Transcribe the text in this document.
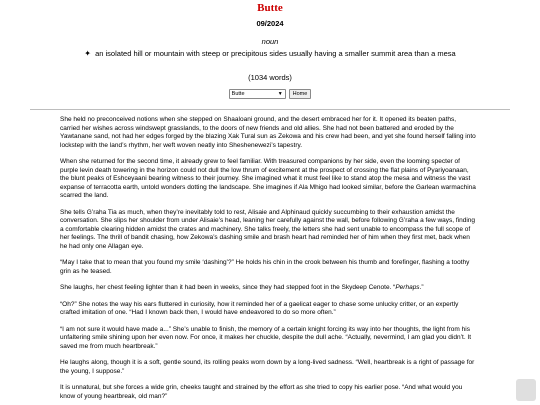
Butte
09/2024
noun
✦ an isolated hill or mountain with steep or precipitous sides usually having a smaller summit area than a mesa
(1034 words)
Butte	▼	Home

She held no preconceived notions when she stepped on Shaaloani ground, and the desert embraced her for it. It opened its beaten paths, carried her wishes across windswept grasslands, to the doors of new friends and old allies. She had not been battered and eroded by the Yawtanane sand, not had her edges forged by the blazing Xak Tural sun as Zekowa and his crew had been, and yet she found herself falling into lockstep with the land’s rhythm, her weft woven neatly into Sheshenewezi’s tapestry.

When she returned for the second time, it already grew to feel familiar. With treasured companions by her side, even the looming specter of purple levin death towering in the horizon could not dull the low thrum of excitement at the prospect of crossing the flat plains of Pyariyoanaan, the blunt peaks of Eshceyaani bearing witness to their journey. She imagined what it must feel like to stand atop the mesa and witness the vast expanse of terracotta earth, untold wonders dotting the landscape. She imagines if Ala Mhigo had looked similar, before the Garlean warmachina scarred the land.

She tells G’raha Tia as much, when they’re inevitably told to rest, Alisaie and Alphinaud quickly succumbing to their exhaustion amidst the conversation. She slips her shoulder from under Alisaie’s head, leaning her carefully against the wall, before following G’raha a few ways, finding a comfortable clearing hidden amidst the crates and machinery. She talks freely, the letters she had sent unable to encompass the full scope of her feelings. The thrill of bandit chasing, how Zekowa’s dashing smile and brash heart had reminded her of him when they first met, back when he had only one Allagan eye.

“May I take that to mean that you found my smile ‘dashing’?” He holds his chin in the crook between his thumb and forefinger, flashing a toothy grin as he teased.

She laughs, her chest feeling lighter than it had been in weeks, since they had stepped foot in the Skydeep Cenote. “Perhaps.”

“Oh?” She notes the way his ears fluttered in curiosity, how it reminded her of a gaelicat eager to chase some unlucky critter, or an expertly crafted imitation of one. “Had I known back then, I would have endeavored to do so more often.”

“I am not sure it would have made a...” She’s unable to finish, the memory of a certain knight forcing its way into her thoughts, the light from his unfaltering smile shining upon her even now. For once, it makes her chuckle, despite the dull ache. “Actually, nevermind, I am glad you didn’t. It saved me from much heartbreak.”

He laughs along, though it is a soft, gentle sound, its rolling peaks worn down by a long-lived sadness. “Well, heartbreak is a right of passage for the young, I suppose.”

It is unnatural, but she forces a wide grin, cheeks taught and strained by the effort as she tried to copy his earlier pose. “And what would you know of young heartbreak, old man?”
